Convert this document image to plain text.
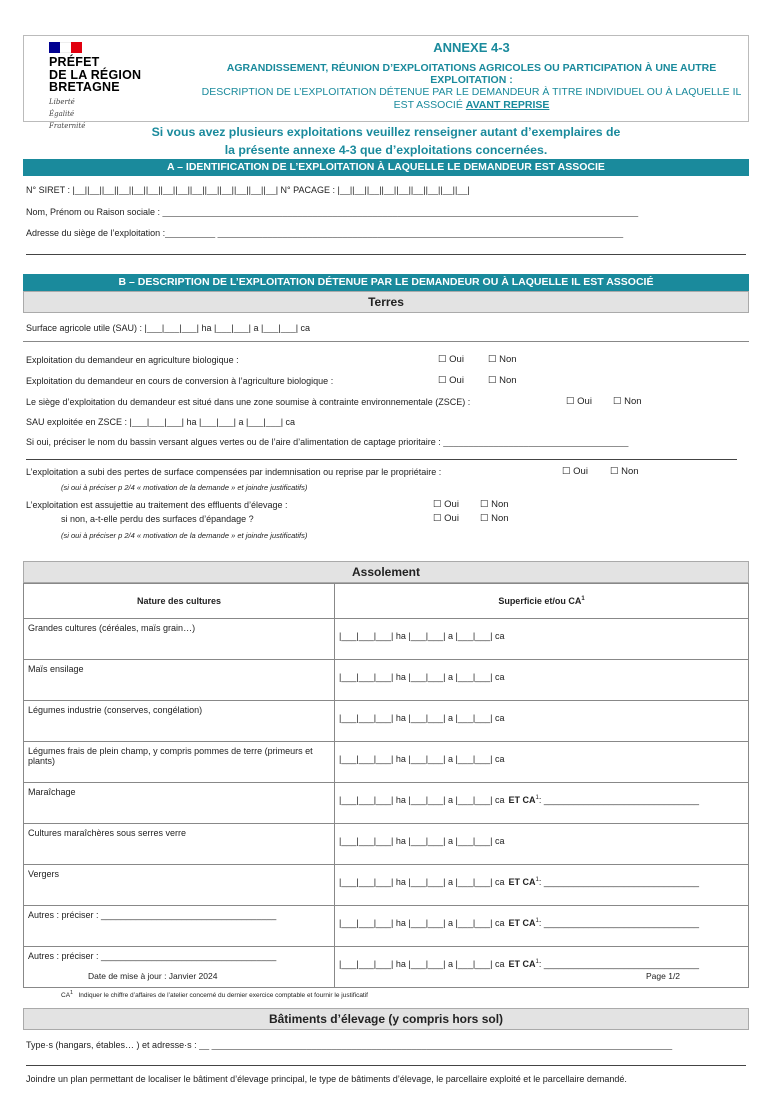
PRÉFET
DE LA RÉGION
BRETAGNE
Liberté
Égalité
Fraternité
ANNEXE 4-3
AGRANDISSEMENT, RÉUNION D’EXPLOITATIONS AGRICOLES OU PARTICIPATION À UNE AUTRE EXPLOITATION :
DESCRIPTION DE L’EXPLOITATION DÉTENUE PAR LE DEMANDEUR À TITRE INDIVIDUEL OU À LAQUELLE IL EST ASSOCIÉ AVANT REPRISE
Si vous avez plusieurs exploitations veuillez renseigner autant d’exemplaires de
la présente annexe 4-3 que d’exploitations concernées.
A – IDENTIFICATION DE L’EXPLOITATION À LAQUELLE LE DEMANDEUR EST ASSOCIE
N° SIRET : |__||__||__||__||__||__||__||__||__||__||__||__||__||__| N° PACAGE : |__||__||__||__||__||__||__||__||__|
Nom, Prénom ou Raison sociale : _______________________________________________________________________________________________
Adresse du siège de l’exploitation :__________ _________________________________________________________________________________
B – DESCRIPTION DE L’EXPLOITATION DÉTENUE PAR LE DEMANDEUR OU À LAQUELLE IL EST ASSOCIÉ
Terres
Surface agricole utile (SAU) : |___|___|___| ha |___|___| a |___|___| ca
Exploitation du demandeur en agriculture biologique :	☐ Oui	☐ Non
Exploitation du demandeur en cours de conversion à l’agriculture biologique :	☐ Oui	☐ Non
Le siège d’exploitation du demandeur est situé dans une zone soumise à contrainte environnementale (ZSCE) :	☐ Oui ☐ Non
SAU exploitée en ZSCE : |___|___|___| ha |___|___| a |___|___| ca
Si oui, préciser le nom du bassin versant algues vertes ou de l’aire d’alimentation de captage prioritaire : _____________________________________
L’exploitation a subi des pertes de surface compensées par indemnisation ou reprise par le propriétaire :	☐ Oui ☐ Non
(si oui à préciser p 2/4 « motivation de la demande » et joindre justificatifs)
L’exploitation est assujettie au traitement des effluents d’élevage :	☐ Oui ☐ Non
si non, a-t-elle perdu des surfaces d’épandage ?	☐ Oui ☐ Non
(si oui à préciser p 2/4 « motivation de la demande » et joindre justificatifs)
Assolement
Nature des cultures	Superficie et/ou $CA^1$
Grandes cultures (céréales, maïs grain…)	|___|___|___| ha |___|___| a |___|___| ca
Maïs ensilage	|___|___|___| ha |___|___| a |___|___| ca
Légumes industrie (conserves, congélation)	|___|___|___| ha |___|___| a |___|___| ca
Légumes frais de plein champ, y compris pommes de terre (primeurs et plants)	|___|___|___| ha |___|___| a |___|___| ca
Maraîchage	|___|___|___| ha |___|___| a |___|___| ca ET $CA^1$: _______________________________
Cultures maraîchères sous serres verre	|___|___|___| ha |___|___| a |___|___| ca
Vergers	|___|___|___| ha |___|___| a |___|___| ca ET $CA^1$: _______________________________
Autres : préciser : ___________________________________	|___|___|___| ha |___|___| a |___|___| ca ET $CA^1$: _______________________________
Autres : préciser : ___________________________________	|___|___|___| ha |___|___| a |___|___| ca ET $CA^1$: _______________________________
$CA^1$ Indiquer le chiffre d’affaires de l’atelier concerné du dernier exercice comptable et fournir le justificatif
Bâtiments d’élevage (y compris hors sol)
Type·s (hangars, étables… ) et adresse·s : __ ____________________________________________________________________________________________
Joindre un plan permettant de localiser le bâtiment d’élevage principal, le type de bâtiments d’élevage, le parcellaire exploité et le parcellaire demandé.
Date de mise à jour : Janvier 2024	Page 1/2
